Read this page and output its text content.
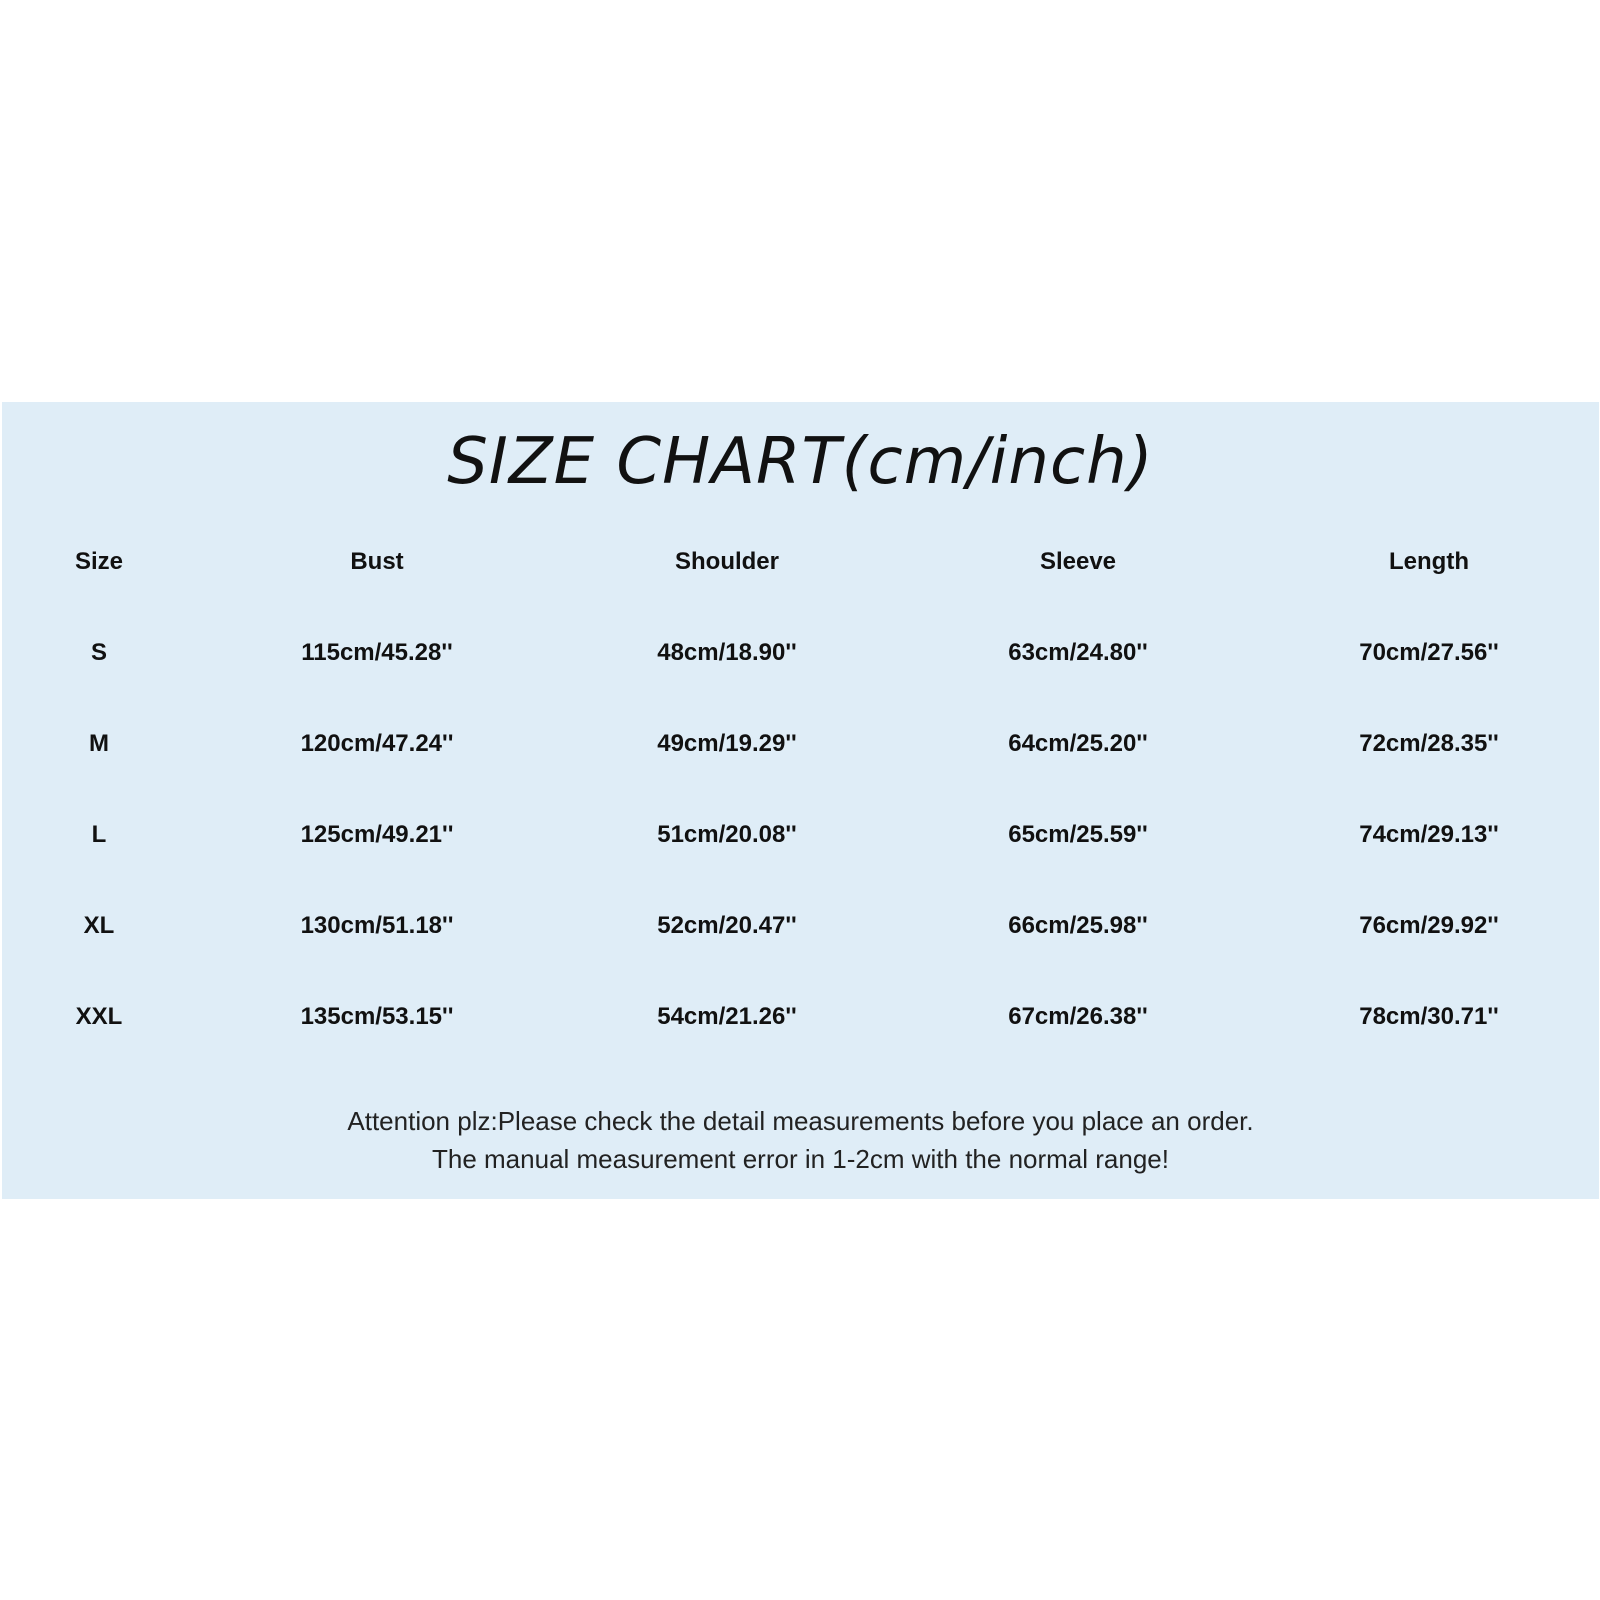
SIZE CHART(cm/inch)
Size	Bust	Shoulder	Sleeve	Length
S	115cm/45.28''	48cm/18.90''	63cm/24.80''	70cm/27.56''
M	120cm/47.24''	49cm/19.29''	64cm/25.20''	72cm/28.35''
L	125cm/49.21''	51cm/20.08''	65cm/25.59''	74cm/29.13''
XL	130cm/51.18''	52cm/20.47''	66cm/25.98''	76cm/29.92''
XXL	135cm/53.15''	54cm/21.26''	67cm/26.38''	78cm/30.71''
Attention plz:Please check the detail measurements before you place an order.
The manual measurement error in 1-2cm with the normal range!
